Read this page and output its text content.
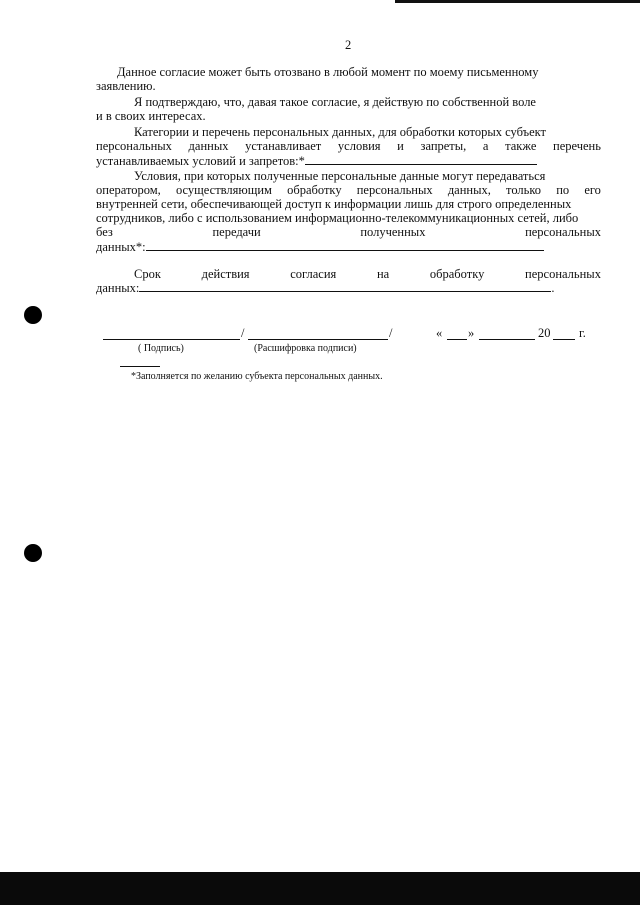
2
Данное согласие может быть отозвано в любой момент по моему письменному
заявлению.
Я подтверждаю, что, давая такое согласие, я действую по собственной воле
и в своих интересах.
Категории и перечень персональных данных, для обработки которых субъект
персональных данных устанавливает условия и запреты, а также перечень
устанавливаемых условий и запретов:*
Условия, при которых полученные персональные данные могут передаваться
оператором, осуществляющим обработку персональных данных, только по его
внутренней сети, обеспечивающей доступ к информации лишь для строго определенных
сотрудников, либо с использованием информационно-телекоммуникационных сетей, либо
без	передачи	полученных	персональных
данных*:
Срок	действия	согласия	на	обработку	персональных
данных:	.
/	/	« »	20 г.
( Подпись)	(Расшифровка подписи)
*Заполняется по желанию субъекта персональных данных.
